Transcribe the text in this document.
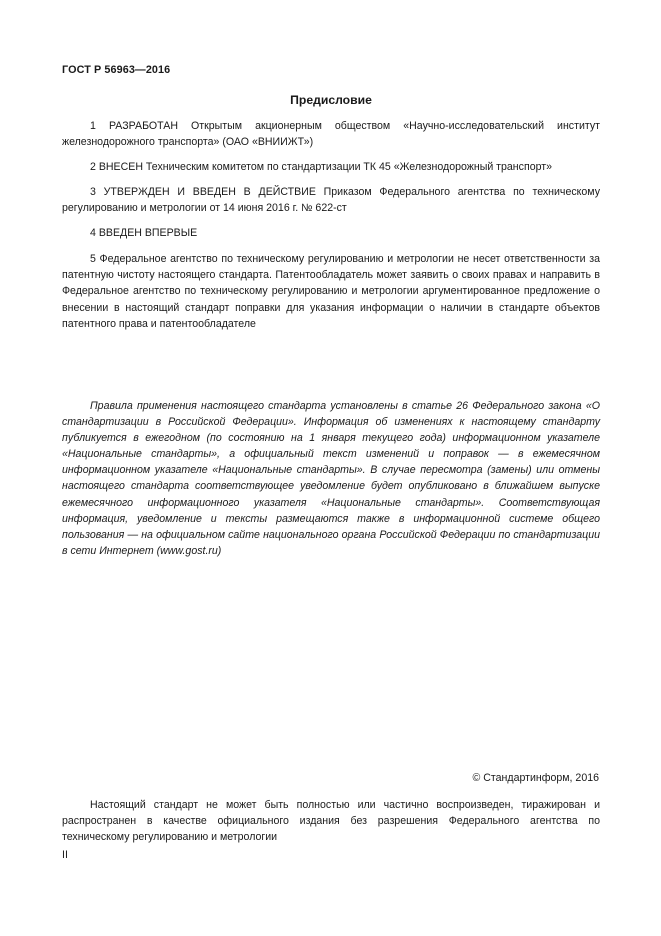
ГОСТ Р 56963—2016
Предисловие

1 РАЗРАБОТАН Открытым акционерным обществом «Научно-исследовательский институт железнодорожного транспорта» (ОАО «ВНИИЖТ»)

2 ВНЕСЕН Техническим комитетом по стандартизации ТК 45 «Железнодорожный транспорт»

3 УТВЕРЖДЕН И ВВЕДЕН В ДЕЙСТВИЕ Приказом Федерального агентства по техническому регулированию и метрологии от 14 июня 2016 г. № 622-ст

4 ВВЕДЕН ВПЕРВЫЕ

5 Федеральное агентство по техническому регулированию и метрологии не несет ответственности за патентную чистоту настоящего стандарта. Патентообладатель может заявить о своих правах и направить в Федеральное агентство по техническому регулированию и метрологии аргументированное предложение о внесении в настоящий стандарт поправки для указания информации о наличии в стандарте объектов патентного права и патентообладателе

Правила применения настоящего стандарта установлены в статье 26 Федерального закона «О стандартизации в Российской Федерации». Информация об изменениях к настоящему стандарту публикуется в ежегодном (по состоянию на 1 января текущего года) информационном указателе «Национальные стандарты», а официальный текст изменений и поправок — в ежемесячном информационном указателе «Национальные стандарты». В случае пересмотра (замены) или отмены настоящего стандарта соответствующее уведомление будет опубликовано в ближайшем выпуске ежемесячного информационного указателя «Национальные стандарты». Соответствующая информация, уведомление и тексты размещаются также в информационной системе общего пользования — на официальном сайте национального органа Российской Федерации по стандартизации в сети Интернет (www.gost.ru)

© Стандартинформ, 2016

Настоящий стандарт не может быть полностью или частично воспроизведен, тиражирован и распространен в качестве официального издания без разрешения Федерального агентства по техническому регулированию и метрологии

II
